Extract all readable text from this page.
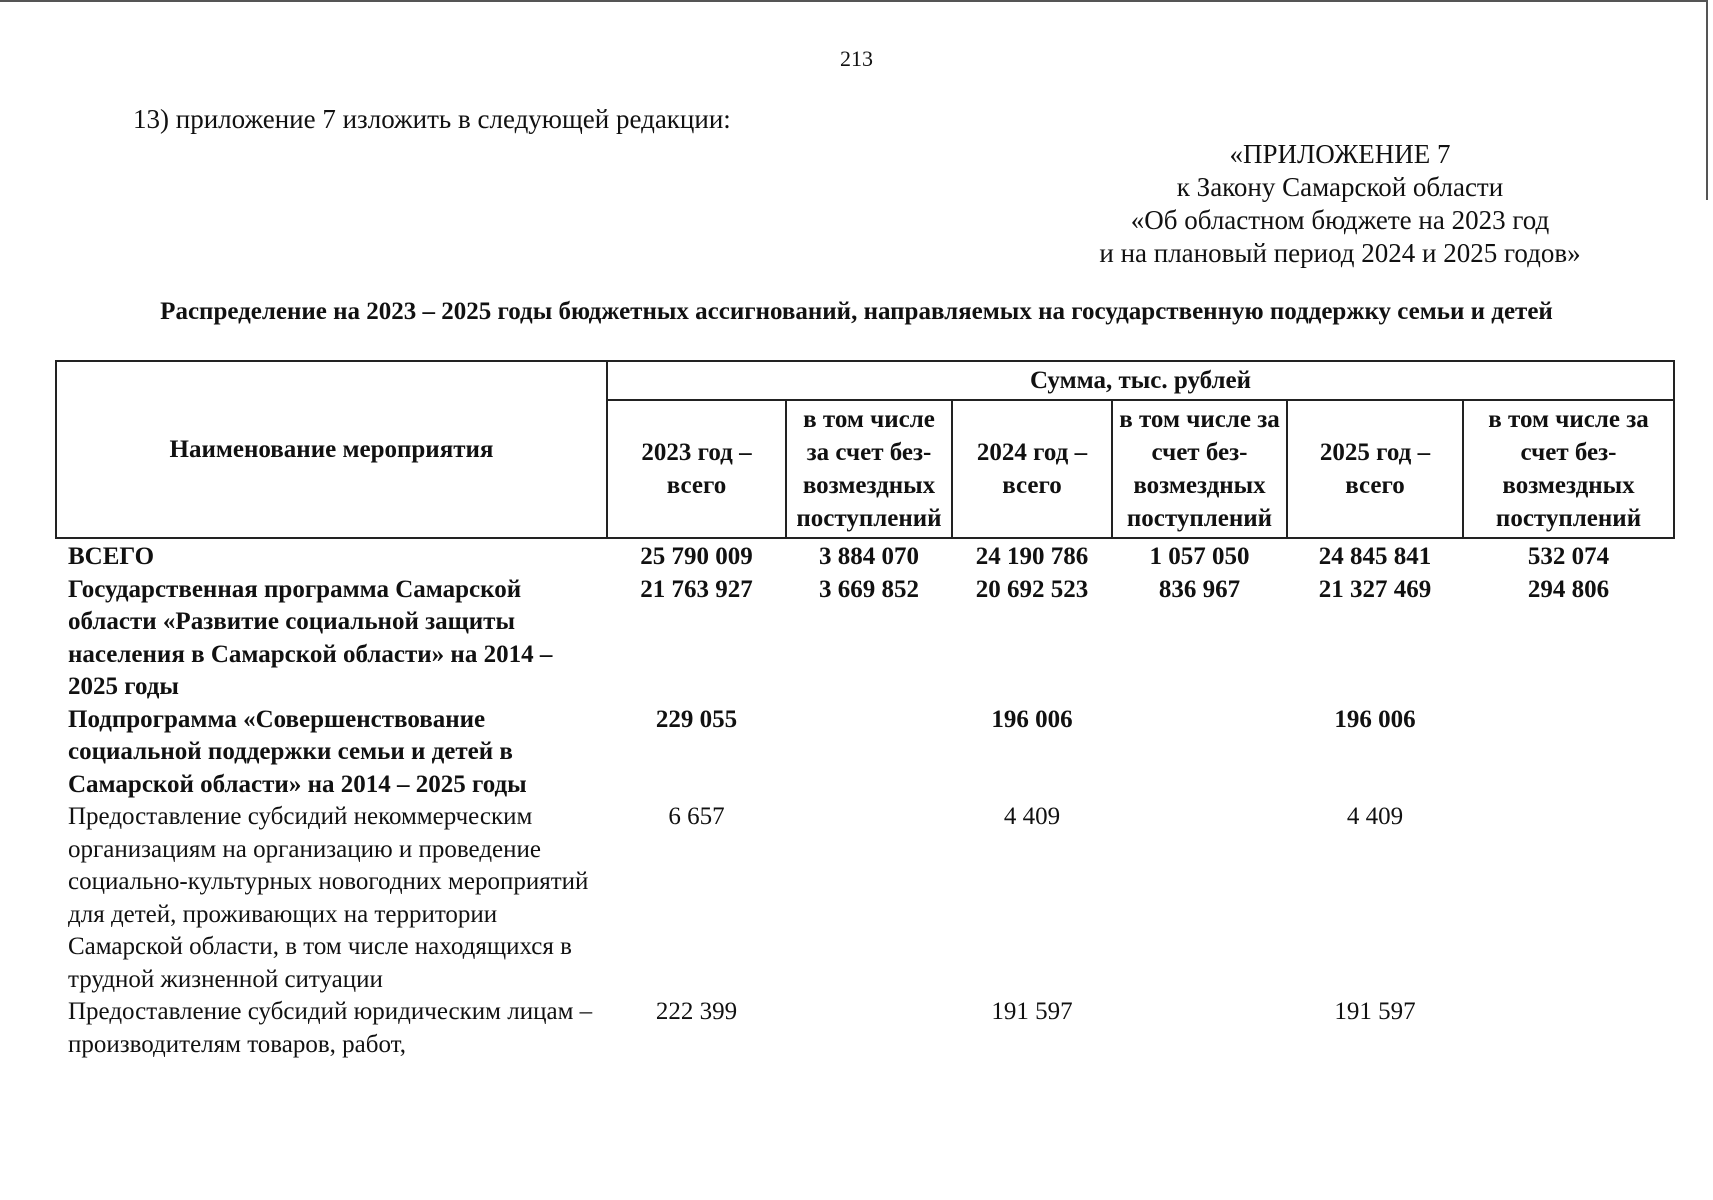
213
13) приложение 7 изложить в следующей редакции:
«ПРИЛОЖЕНИЕ 7
к Закону Самарской области
«Об областном бюджете на 2023 год
и на плановый период 2024 и 2025 годов»
Распределение на 2023 – 2025 годы бюджетных ассигнований, направляемых на государственную поддержку семьи и детей
Наименование мероприятия	Сумма, тыс. рублей					
	2023 год – всего	в том числе за счет без- возмездных поступлений	2024 год – всего	в том числе за счет без- возмездных поступлений	2025 год – всего	в том числе за счет без- возмездных поступлений
ВСЕГО	25 790 009	3 884 070	24 190 786	1 057 050	24 845 841	532 074
Государственная программа Самарской области «Развитие социальной защиты населения в Самарской области» на 2014 – 2025 годы	21 763 927	3 669 852	20 692 523	836 967	21 327 469	294 806
Подпрограмма «Совершенствование социальной поддержки семьи и детей в Самарской области» на 2014 – 2025 годы	229 055		196 006		196 006	
Предоставление субсидий некоммерческим организациям на организацию и проведение социально-культурных новогодних мероприятий для детей, проживающих на территории Самарской области, в том числе находящихся в трудной жизненной ситуации	6 657		4 409		4 409	
Предоставление субсидий юридическим лицам – производителям товаров, работ,	222 399		191 597		191 597	
